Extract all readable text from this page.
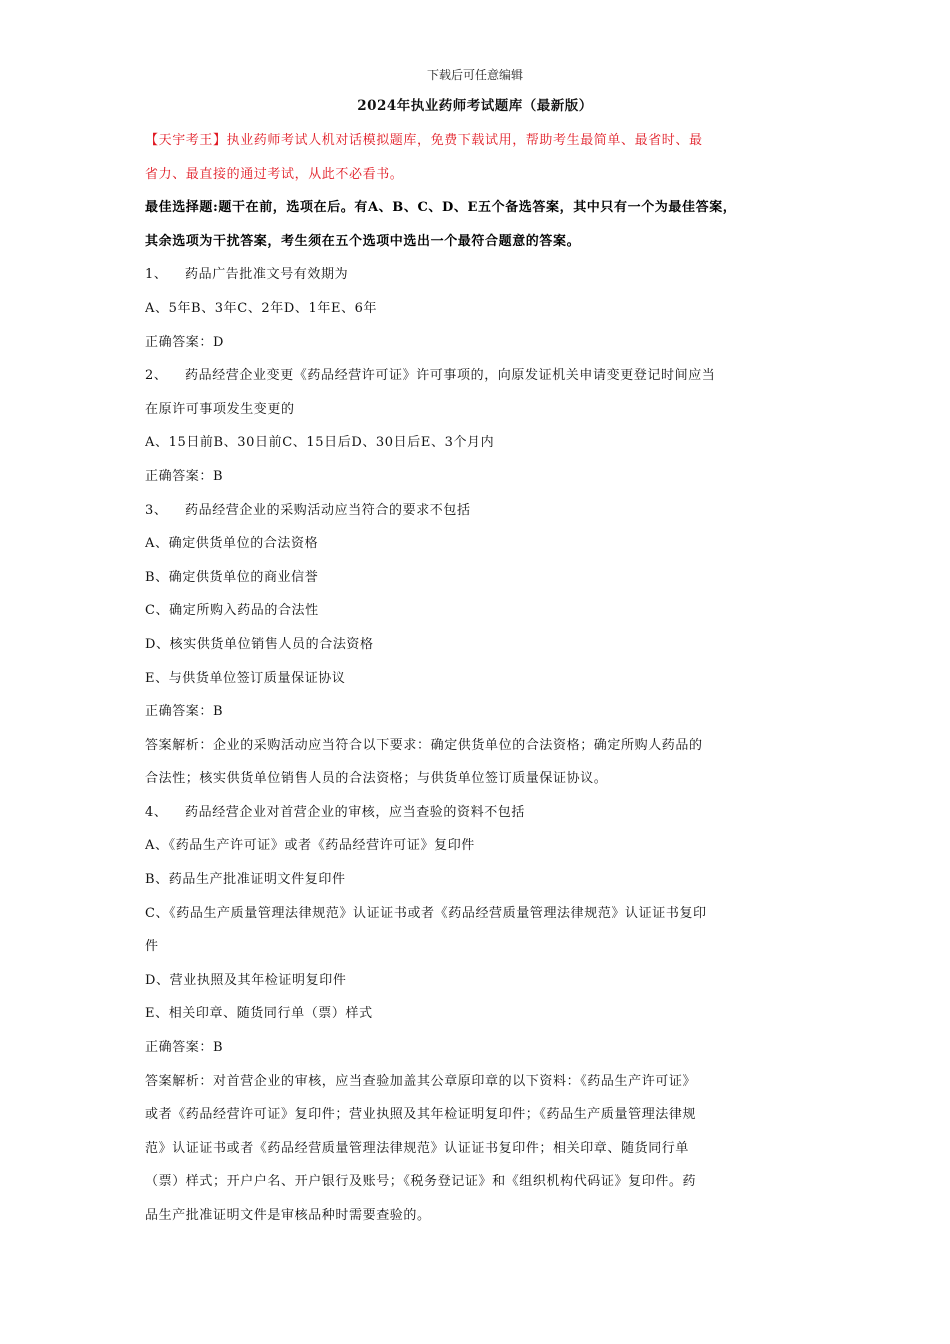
下载后可任意编辑
2024年执业药师考试题库（最新版）
【天宇考王】执业药师考试人机对话模拟题库，免费下载试用，帮助考生最简单、最省时、最
省力、最直接的通过考试，从此不必看书。
最佳选择题:题干在前，选项在后。有A、B、C、D、E五个备选答案，其中只有一个为最佳答案，
其余选项为干扰答案，考生须在五个选项中选出一个最符合题意的答案。
1、 药品广告批准文号有效期为
A、5年B、3年C、2年D、1年E、6年
正确答案：D
2、 药品经营企业变更《药品经营许可证》许可事项的，向原发证机关申请变更登记时间应当
在原许可事项发生变更的
A、15日前B、30日前C、15日后D、30日后E、3个月内
正确答案：B
3、 药品经营企业的采购活动应当符合的要求不包括
A、确定供货单位的合法资格
B、确定供货单位的商业信誉
C、确定所购入药品的合法性
D、核实供货单位销售人员的合法资格
E、与供货单位签订质量保证协议
正确答案：B
答案解析：企业的采购活动应当符合以下要求：确定供货单位的合法资格；确定所购人药品的
合法性；核实供货单位销售人员的合法资格；与供货单位签订质量保证协议。
4、 药品经营企业对首营企业的审核，应当查验的资料不包括
A、《药品生产许可证》或者《药品经营许可证》复印件
B、药品生产批准证明文件复印件
C、《药品生产质量管理法律规范》认证证书或者《药品经营质量管理法律规范》认证证书复印
件
D、营业执照及其年检证明复印件
E、相关印章、随货同行单（票）样式
正确答案：B
答案解析：对首营企业的审核，应当查验加盖其公章原印章的以下资料：《药品生产许可证》
或者《药品经营许可证》复印件；营业执照及其年检证明复印件；《药品生产质量管理法律规
范》认证证书或者《药品经营质量管理法律规范》认证证书复印件；相关印章、随货同行单
（票）样式；开户户名、开户银行及账号；《税务登记证》和《组织机构代码证》复印件。药
品生产批准证明文件是审核品种时需要查验的。
